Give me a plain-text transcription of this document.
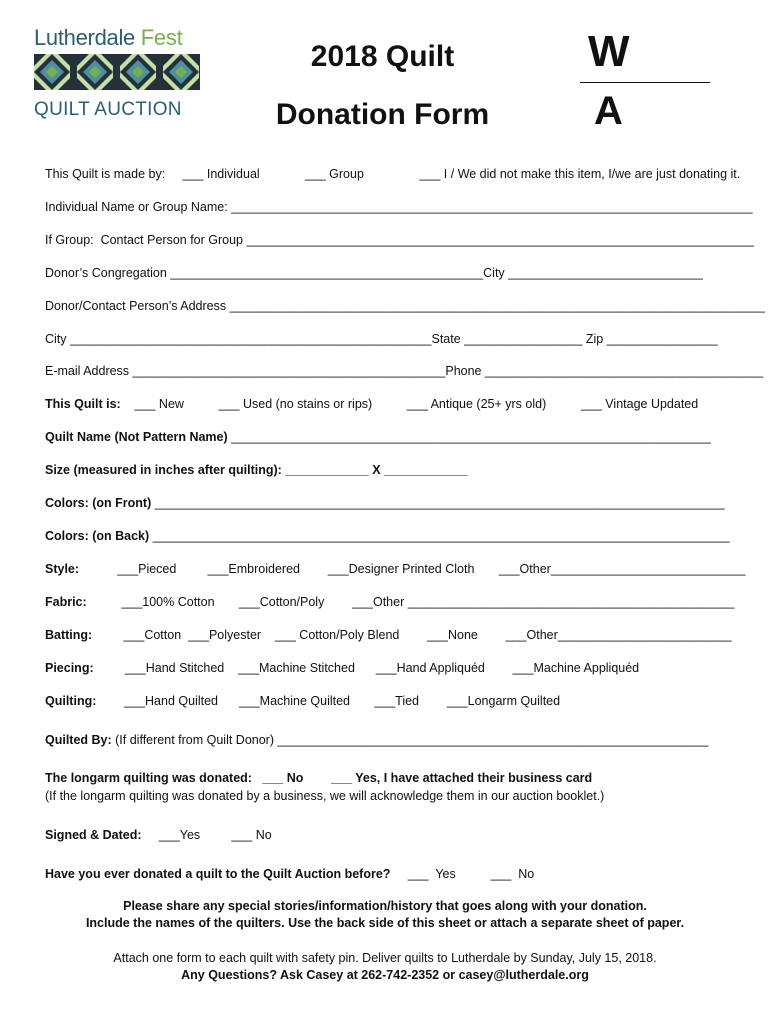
Lutherdale Fest
QUILT AUCTION
2018 Quilt
Donation Form
W
A
This Quilt is made by:     ___ Individual             ___ Group                ___ I / We did not make this item, I/we are just donating it.
Individual Name or Group Name: ___________________________________________________________________________
If Group:  Contact Person for Group _________________________________________________________________________
Donor’s Congregation _____________________________________________City ____________________________
Donor/Contact Person’s Address _____________________________________________________________________________
City ____________________________________________________State _________________ Zip ________________
E-mail Address _____________________________________________Phone ________________________________________
This Quilt is:    ___ New          ___ Used (no stains or rips)          ___ Antique (25+ yrs old)          ___ Vintage Updated
Quilt Name (Not Pattern Name) _____________________________________________________________________
Size (measured in inches after quilting): ____________ X ____________
Colors: (on Front) __________________________________________________________________________________
Colors: (on Back) ___________________________________________________________________________________
Style:           ___Pieced         ___Embroidered        ___Designer Printed Cloth       ___Other____________________________
Fabric:          ___100% Cotton       ___Cotton/Poly        ___Other _______________________________________________
Batting:         ___Cotton  ___Polyester    ___ Cotton/Poly Blend        ___None        ___Other_________________________
Piecing:         ___Hand Stitched    ___Machine Stitched      ___Hand Appliquéd        ___Machine Appliquéd
Quilting:        ___Hand Quilted      ___Machine Quilted       ___Tied        ___Longarm Quilted
Quilted By: (If different from Quilt Donor) ______________________________________________________________
The longarm quilting was donated:   ___ No        ___ Yes, I have attached their business card
(If the longarm quilting was donated by a business, we will acknowledge them in our auction booklet.)
Signed & Dated:     ___Yes         ___ No
Have you ever donated a quilt to the Quilt Auction before?     ___  Yes          ___  No
Please share any special stories/information/history that goes along with your donation.
Include the names of the quilters. Use the back side of this sheet or attach a separate sheet of paper.
Attach one form to each quilt with safety pin. Deliver quilts to Lutherdale by Sunday, July 15, 2018.
Any Questions? Ask Casey at 262-742-2352 or casey@lutherdale.org
